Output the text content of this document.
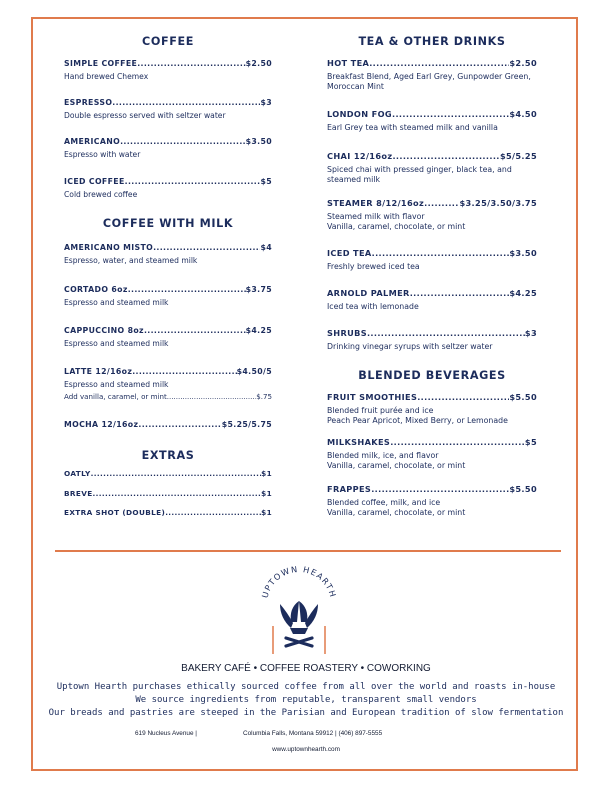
COFFEE
SIMPLE COFFEE .....	$2.50
Hand brewed Chemex
ESPRESSO .....	$3
Double espresso served with seltzer water
AMERICANO .....	$3.50
Espresso with water
ICED COFFEE .....	$5
Cold brewed coffee
COFFEE WITH MILK
AMERICANO MISTO .....	$4
Espresso, water, and steamed milk
CORTADO 6oz .....	$3.75
Espresso and steamed milk
CAPPUCCINO 8oz .....	$4.25
Espresso and steamed milk
LATTE 12/16oz .....	$4.50/5
Espresso and steamed milk
Add vanilla, caramel, or mint .....	$.75
MOCHA 12/16oz .....	$5.25/5.75
EXTRAS
OATLY .....	$1
BREVE .....	$1
EXTRA SHOT (DOUBLE) .....	$1
TEA & OTHER DRINKS
HOT TEA .....	$2.50
Breakfast Blend, Aged Earl Grey, Gunpowder Green, Moroccan Mint
LONDON FOG .....	$4.50
Earl Grey tea with steamed milk and vanilla
CHAI 12/16oz .....	$5/5.25
Spiced chai with pressed ginger, black tea, and steamed milk
STEAMER 8/12/16oz .....	$3.25/3.50/3.75
Steamed milk with flavor
Vanilla, caramel, chocolate, or mint
ICED TEA .....	$3.50
Freshly brewed iced tea
ARNOLD PALMER .....	$4.25
Iced tea with lemonade
SHRUBS .....	$3
Drinking vinegar syrups with seltzer water
BLENDED BEVERAGES
FRUIT SMOOTHIES .....	$5.50
Blended fruit purée and ice
Peach Pear Apricot, Mixed Berry, or Lemonade
MILKSHAKES .....	$5
Blended milk, ice, and flavor
Vanilla, caramel, chocolate, or mint
FRAPPES .....	$5.50
Blended coffee, milk, and ice
Vanilla, caramel, chocolate, or mint
UPTOWN HEARTH
BAKERY CAFÉ • COFFEE ROASTERY • COWORKING
Uptown Hearth purchases ethically sourced coffee from all over the world and roasts in-house
We source ingredients from reputable, transparent small vendors
Our breads and pastries are steeped in the Parisian and European tradition of slow fermentation
619 Nucleus Avenue |	Columbia Falls, Montana 59912 | (406) 897-5555
www.uptownhearth.com
